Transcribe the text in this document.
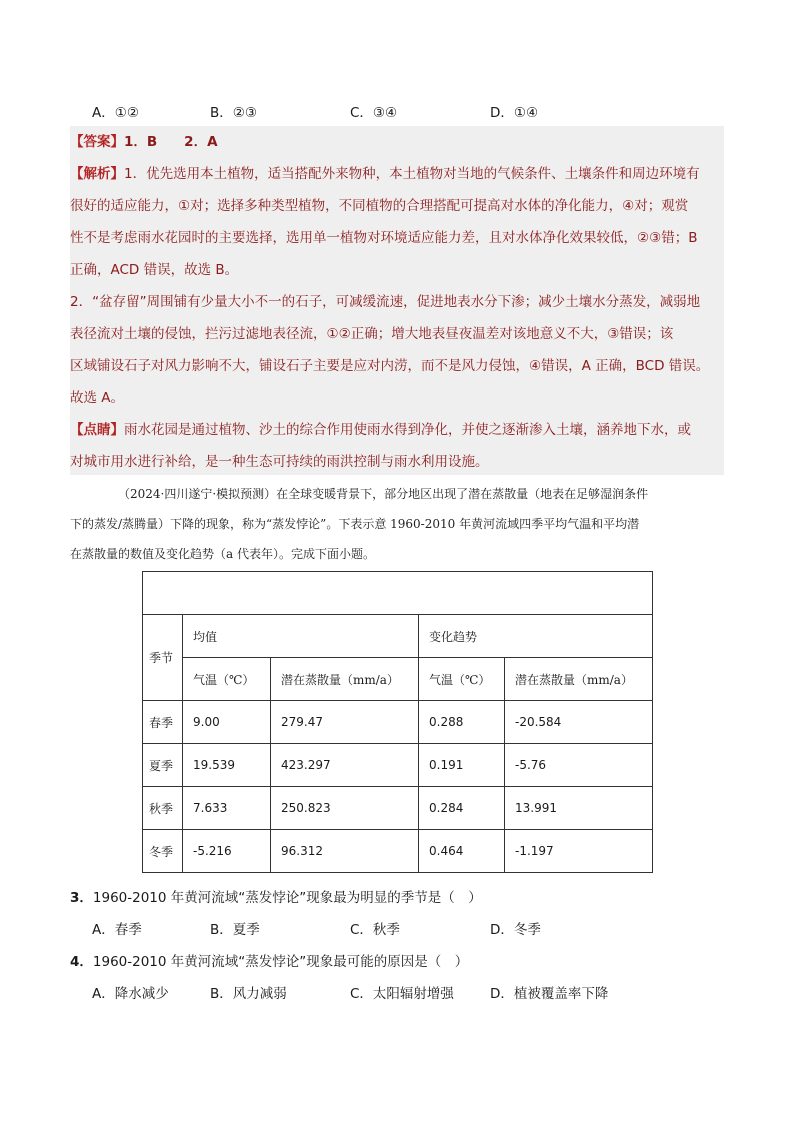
A．①②	B．②③	C．③④	D．①④
【答案】1．B　　2．A
【解析】1．优先选用本土植物，适当搭配外来物种，本土植物对当地的气候条件、土壤条件和周边环境有
很好的适应能力，①对；选择多种类型植物，不同植物的合理搭配可提高对水体的净化能力，④对；观赏
性不是考虑雨水花园时的主要选择，选用单一植物对环境适应能力差，且对水体净化效果较低，②③错；B
正确，ACD 错误，故选 B。
2．“盆存留”周围铺有少量大小不一的石子，可减缓流速，促进地表水分下渗；减少土壤水分蒸发，减弱地
表径流对土壤的侵蚀，拦污过滤地表径流，①②正确；增大地表昼夜温差对该地意义不大，③错误；该
区域铺设石子对风力影响不大，铺设石子主要是应对内涝，而不是风力侵蚀，④错误，A 正确，BCD 错误。
故选 A。
【点睛】雨水花园是通过植物、沙土的综合作用使雨水得到净化，并使之逐渐渗入土壤，涵养地下水，或
对城市用水进行补给，是一种生态可持续的雨洪控制与雨水利用设施。
（2024·四川遂宁·模拟预测）在全球变暖背景下，部分地区出现了潜在蒸散量（地表在足够湿润条件
下的蒸发/蒸腾量）下降的现象，称为“蒸发悖论”。下表示意 1960-2010 年黄河流域四季平均气温和平均潜
在蒸散量的数值及变化趋势（a 代表年）。完成下面小题。

季节	均值		变化趋势	
	气温（℃）	潜在蒸散量（mm/a）	气温（℃）	潜在蒸散量（mm/a）
春季	9.00	279.47	0.288	-20.584
夏季	19.539	423.297	0.191	-5.76
秋季	7.633	250.823	0.284	13.991
冬季	-5.216	96.312	0.464	-1.197
3．1960-2010 年黄河流域“蒸发悖论”现象最为明显的季节是（　）
A．春季	B．夏季	C．秋季	D．冬季
4．1960-2010 年黄河流域“蒸发悖论”现象最可能的原因是（　）
A．降水减少	B．风力减弱	C．太阳辐射增强	D．植被覆盖率下降
